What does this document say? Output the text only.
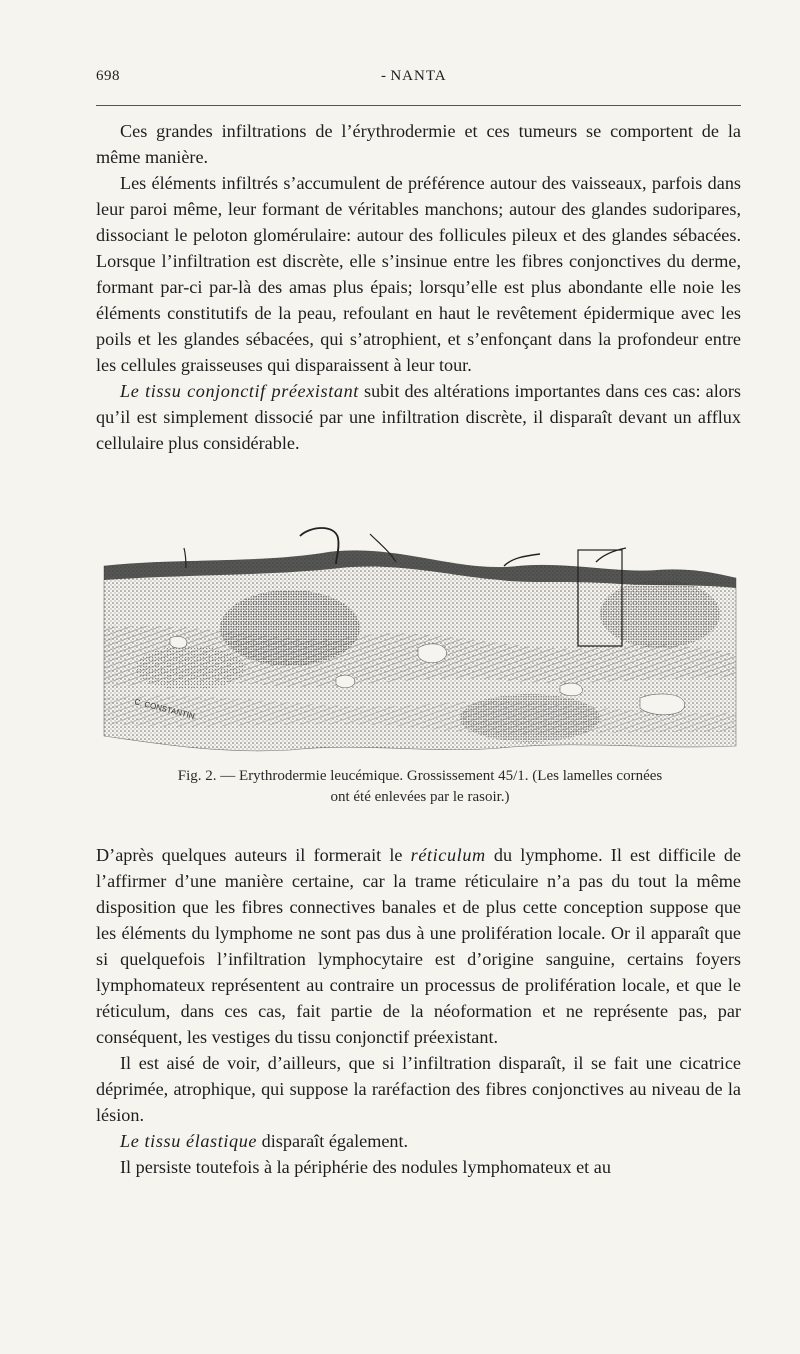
698	- NANTA

Ces grandes infiltrations de l’érythrodermie et ces tumeurs se comportent de la même manière.

Les éléments infiltrés s’accumulent de préférence autour des vaisseaux, parfois dans leur paroi même, leur formant de véritables manchons; autour des glandes sudoripares, dissociant le peloton glomérulaire: autour des follicules pileux et des glandes sébacées. Lorsque l’infiltration est discrète, elle s’insinue entre les fibres conjonctives du derme, formant par-ci par-là des amas plus épais; lorsqu’elle est plus abondante elle noie les éléments constitutifs de la peau, refoulant en haut le revêtement épidermique avec les poils et les glandes sébacées, qui s’atrophient, et s’enfonçant dans la profondeur entre les cellules graisseuses qui disparaissent à leur tour.

Le tissu conjonctif préexistant subit des altérations importantes dans ces cas: alors qu’il est simplement dissocié par une infiltration discrète, il disparaît devant un afflux cellulaire plus considérable.

C. CONSTANTIN.
Fig. 2. — Erythrodermie leucémique. Grossissement 45/1. (Les lamelles cornées
ont été enlevées par le rasoir.)

D’après quelques auteurs il formerait le réticulum du lymphome. Il est difficile de l’affirmer d’une manière certaine, car la trame réticulaire n’a pas du tout la même disposition que les fibres connectives banales et de plus cette conception suppose que les éléments du lymphome ne sont pas dus à une prolifération locale. Or il apparaît que si quelquefois l’infiltration lymphocytaire est d’origine sanguine, certains foyers lymphomateux représentent au contraire un processus de prolifération locale, et que le réticulum, dans ces cas, fait partie de la néoformation et ne représente pas, par conséquent, les vestiges du tissu conjonctif préexistant.

Il est aisé de voir, d’ailleurs, que si l’infiltration disparaît, il se fait une cicatrice déprimée, atrophique, qui suppose la raréfaction des fibres conjonctives au niveau de la lésion.

Le tissu élastique disparaît également.

Il persiste toutefois à la périphérie des nodules lymphomateux et au
